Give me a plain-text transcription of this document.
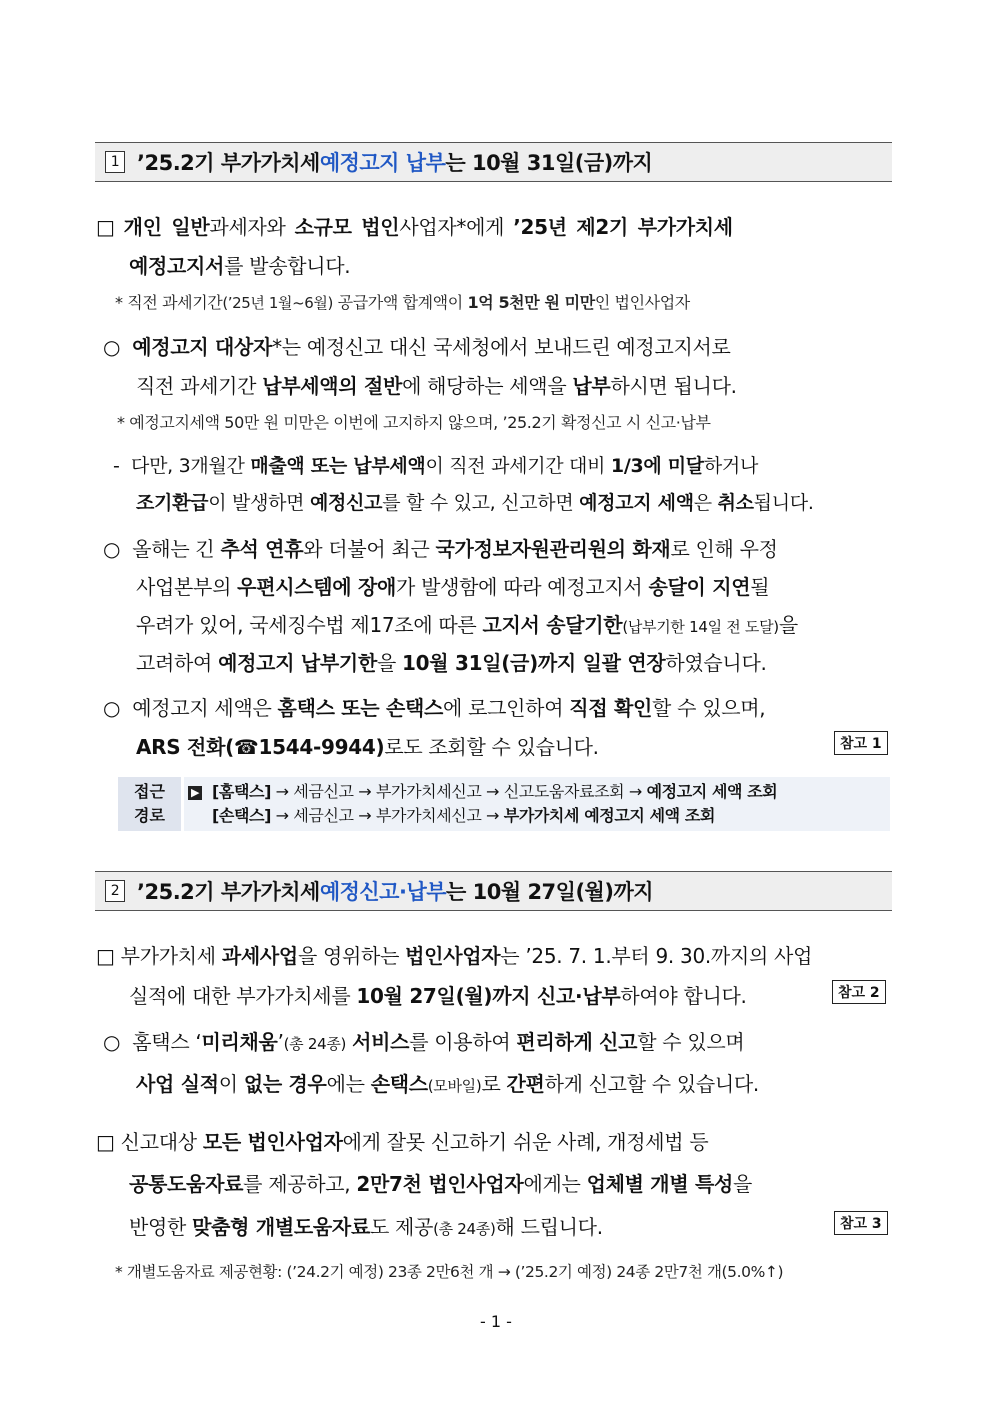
1 ’25.2기 부가가치세 예정고지 납부 는 10월 31일(금)까지
□ 개인 일반과세자와 소규모 법인사업자*에게 ’25년 제2기 부가가치세
예정고지서를 발송합니다.
* 직전 과세기간(’25년 1월~6월) 공급가액 합계액이 1억 5천만 원 미만인 법인사업자
○ 예정고지 대상자*는 예정신고 대신 국세청에서 보내드린 예정고지서로
직전 과세기간 납부세액의 절반에 해당하는 세액을 납부하시면 됩니다.
* 예정고지세액 50만 원 미만은 이번에 고지하지 않으며, ’25.2기 확정신고 시 신고·납부
- 다만, 3개월간 매출액 또는 납부세액이 직전 과세기간 대비 1/3에 미달하거나
조기환급이 발생하면 예정신고를 할 수 있고, 신고하면 예정고지 세액은 취소됩니다.
○ 올해는 긴 추석 연휴와 더불어 최근 국가정보자원관리원의 화재로 인해 우정
사업본부의 우편시스템에 장애가 발생함에 따라 예정고지서 송달이 지연될
우려가 있어, 국세징수법 제17조에 따른 고지서 송달기한(납부기한 14일 전 도달)을
고려하여 예정고지 납부기한을 10월 31일(금)까지 일괄 연장하였습니다.
○ 예정고지 세액은 홈택스 또는 손택스에 로그인하여 직접 확인할 수 있으며,
ARS 전화(☎1544-9944)로도 조회할 수 있습니다.	참고 1
접근
경로
▶ [홈택스] → 세금신고 → 부가가치세신고 → 신고도움자료조회 → 예정고지 세액 조회
[손택스] → 세금신고 → 부가가치세신고 → 부가가치세 예정고지 세액 조회
2 ’25.2기 부가가치세 예정신고·납부 는 10월 27일(월)까지
□ 부가가치세 과세사업을 영위하는 법인사업자는 ’25. 7. 1.부터 9. 30.까지의 사업
실적에 대한 부가가치세를 10월 27일(월)까지 신고·납부하여야 합니다.	참고 2
○ 홈택스 ‘미리채움’(총 24종) 서비스를 이용하여 편리하게 신고할 수 있으며
사업 실적이 없는 경우에는 손택스(모바일)로 간편하게 신고할 수 있습니다.
□ 신고대상 모든 법인사업자에게 잘못 신고하기 쉬운 사례, 개정세법 등
공통도움자료를 제공하고, 2만7천 법인사업자에게는 업체별 개별 특성을
반영한 맞춤형 개별도움자료도 제공(총 24종)해 드립니다.	참고 3
* 개별도움자료 제공현황: (’24.2기 예정) 23종 2만6천 개 → (’25.2기 예정) 24종 2만7천 개(5.0%↑)
- 1 -
